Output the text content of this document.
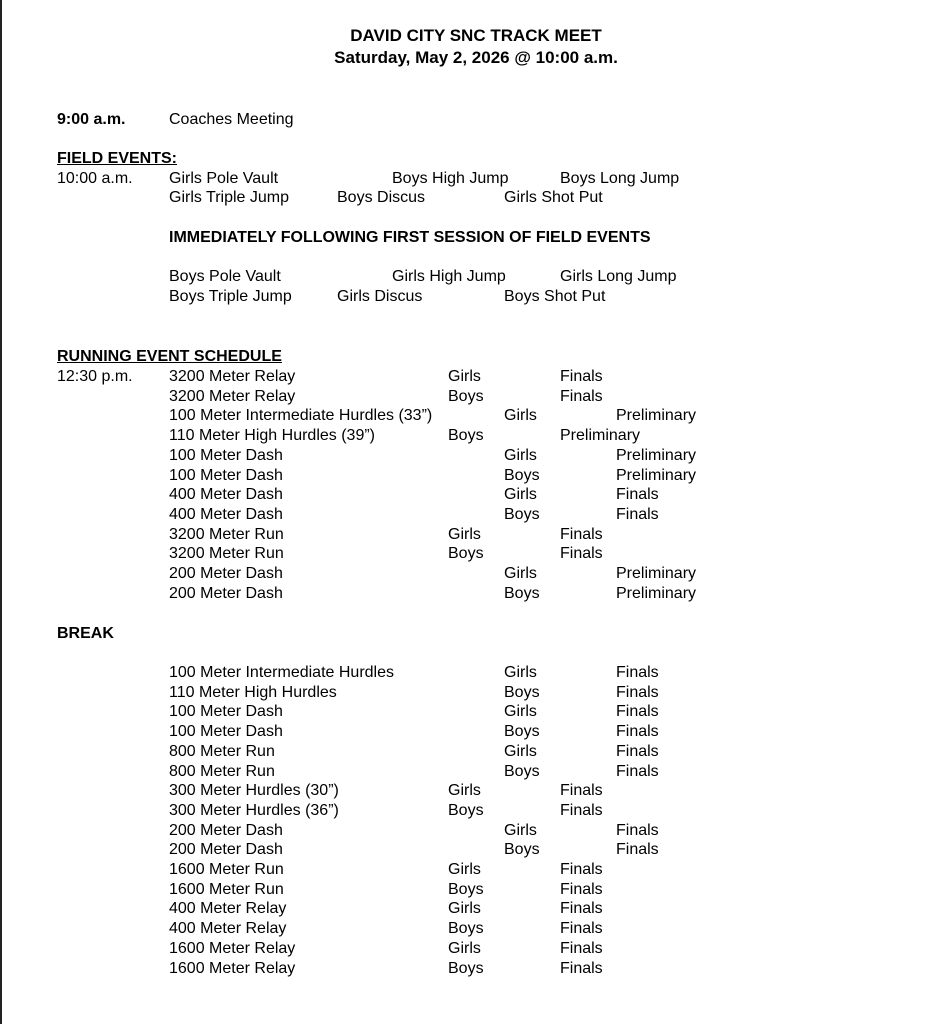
DAVID CITY SNC TRACK MEET
Saturday, May 2, 2026 @ 10:00 a.m.
9:00 a.m.	Coaches Meeting
FIELD EVENTS:
10:00 a.m. Girls Pole Vault	Boys High Jump	Boys Long Jump
Girls Triple Jump	Boys Discus	Girls Shot Put
IMMEDIATELY FOLLOWING FIRST SESSION OF FIELD EVENTS
Boys Pole Vault	Girls High Jump	Girls Long Jump
Boys Triple Jump	Girls Discus	Boys Shot Put
RUNNING EVENT SCHEDULE
12:30 p.m. 3200 Meter Relay	Girls	Finals
3200 Meter Relay	Boys	Finals
100 Meter Intermediate Hurdles (33”)	Girls	Preliminary
110 Meter High Hurdles (39”)	Boys	Preliminary
100 Meter Dash	Girls	Preliminary
100 Meter Dash	Boys	Preliminary
400 Meter Dash	Girls	Finals
400 Meter Dash	Boys	Finals
3200 Meter Run	Girls	Finals
3200 Meter Run	Boys	Finals
200 Meter Dash	Girls	Preliminary
200 Meter Dash	Boys	Preliminary
BREAK
100 Meter Intermediate Hurdles	Girls	Finals
110 Meter High Hurdles	Boys	Finals
100 Meter Dash	Girls	Finals
100 Meter Dash	Boys	Finals
800 Meter Run	Girls	Finals
800 Meter Run	Boys	Finals
300 Meter Hurdles (30”)	Girls	Finals
300 Meter Hurdles (36”)	Boys	Finals
200 Meter Dash	Girls	Finals
200 Meter Dash	Boys	Finals
1600 Meter Run	Girls	Finals
1600 Meter Run	Boys	Finals
400 Meter Relay	Girls	Finals
400 Meter Relay	Boys	Finals
1600 Meter Relay	Girls	Finals
1600 Meter Relay	Boys	Finals
